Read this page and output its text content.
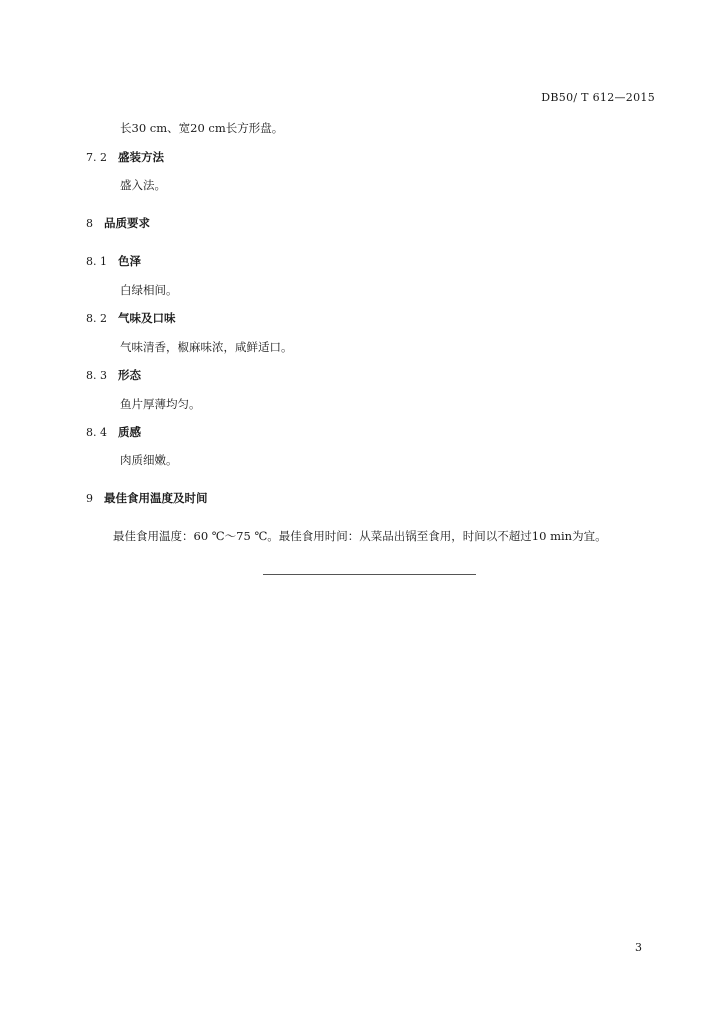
DB50/ T 612—2015
长30 cm、宽20 cm长方形盘。
7. 2 盛装方法
盛入法。
8 品质要求
8. 1 色泽
白绿相间。
8. 2 气味及口味
气味清香，椒麻味浓，咸鲜适口。
8. 3 形态
鱼片厚薄均匀。
8. 4 质感
肉质细嫩。
9 最佳食用温度及时间
最佳食用温度：60 ℃～75 ℃。最佳食用时间：从菜品出锅至食用，时间以不超过10 min为宜。
3
